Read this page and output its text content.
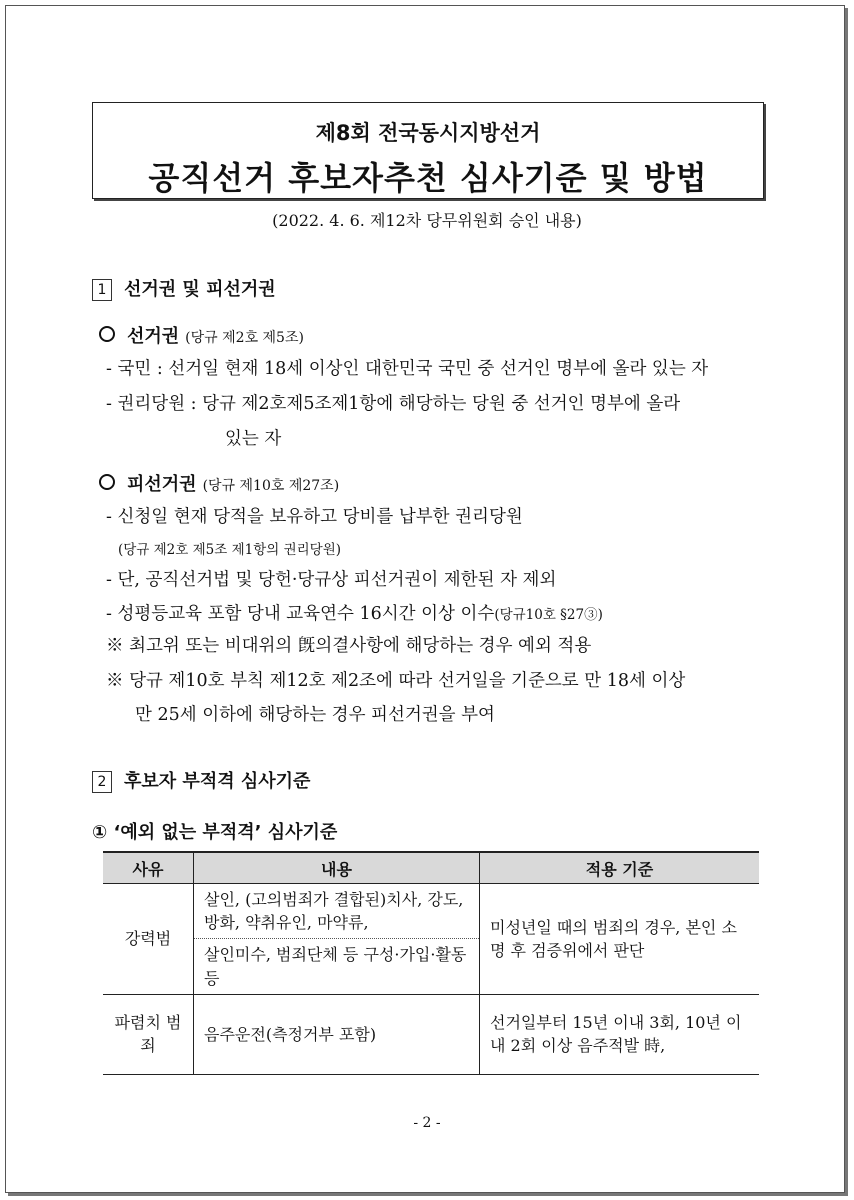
제8회 전국동시지방선거
공직선거 후보자추천 심사기준 및 방법
(2022. 4. 6. 제12차 당무위원회 승인 내용)
1 선거권 및 피선거권
선거권 (당규 제2호 제5조)
- 국민 : 선거일 현재 18세 이상인 대한민국 국민 중 선거인 명부에 올라 있는 자
- 권리당원 : 당규 제2호제5조제1항에 해당하는 당원 중 선거인 명부에 올라
있는 자
피선거권 (당규 제10호 제27조)
- 신청일 현재 당적을 보유하고 당비를 납부한 권리당원
(당규 제2호 제5조 제1항의 권리당원)
- 단, 공직선거법 및 당헌·당규상 피선거권이 제한된 자 제외
- 성평등교육 포함 당내 교육연수 16시간 이상 이수(당규10호 §27③)
※ 최고위 또는 비대위의 旣의결사항에 해당하는 경우 예외 적용
※ 당규 제10호 부칙 제12호 제2조에 따라 선거일을 기준으로 만 18세 이상
만 25세 이하에 해당하는 경우 피선거권을 부여
2 후보자 부적격 심사기준
① ‘예외 없는 부적격’ 심사기준
사유	내용	적용 기준
강력범	살인, (고의범죄가 결합된)치사, 강도, 방화, 약취유인, 마약류,	미성년일 때의 범죄의 경우, 본인 소명 후 검증위에서 판단
	살인미수, 범죄단체 등 구성·가입·활동 등	
파렴치 범죄	음주운전(측정거부 포함)	선거일부터 15년 이내 3회, 10년 이내 2회 이상 음주적발 時,
- 2 -
